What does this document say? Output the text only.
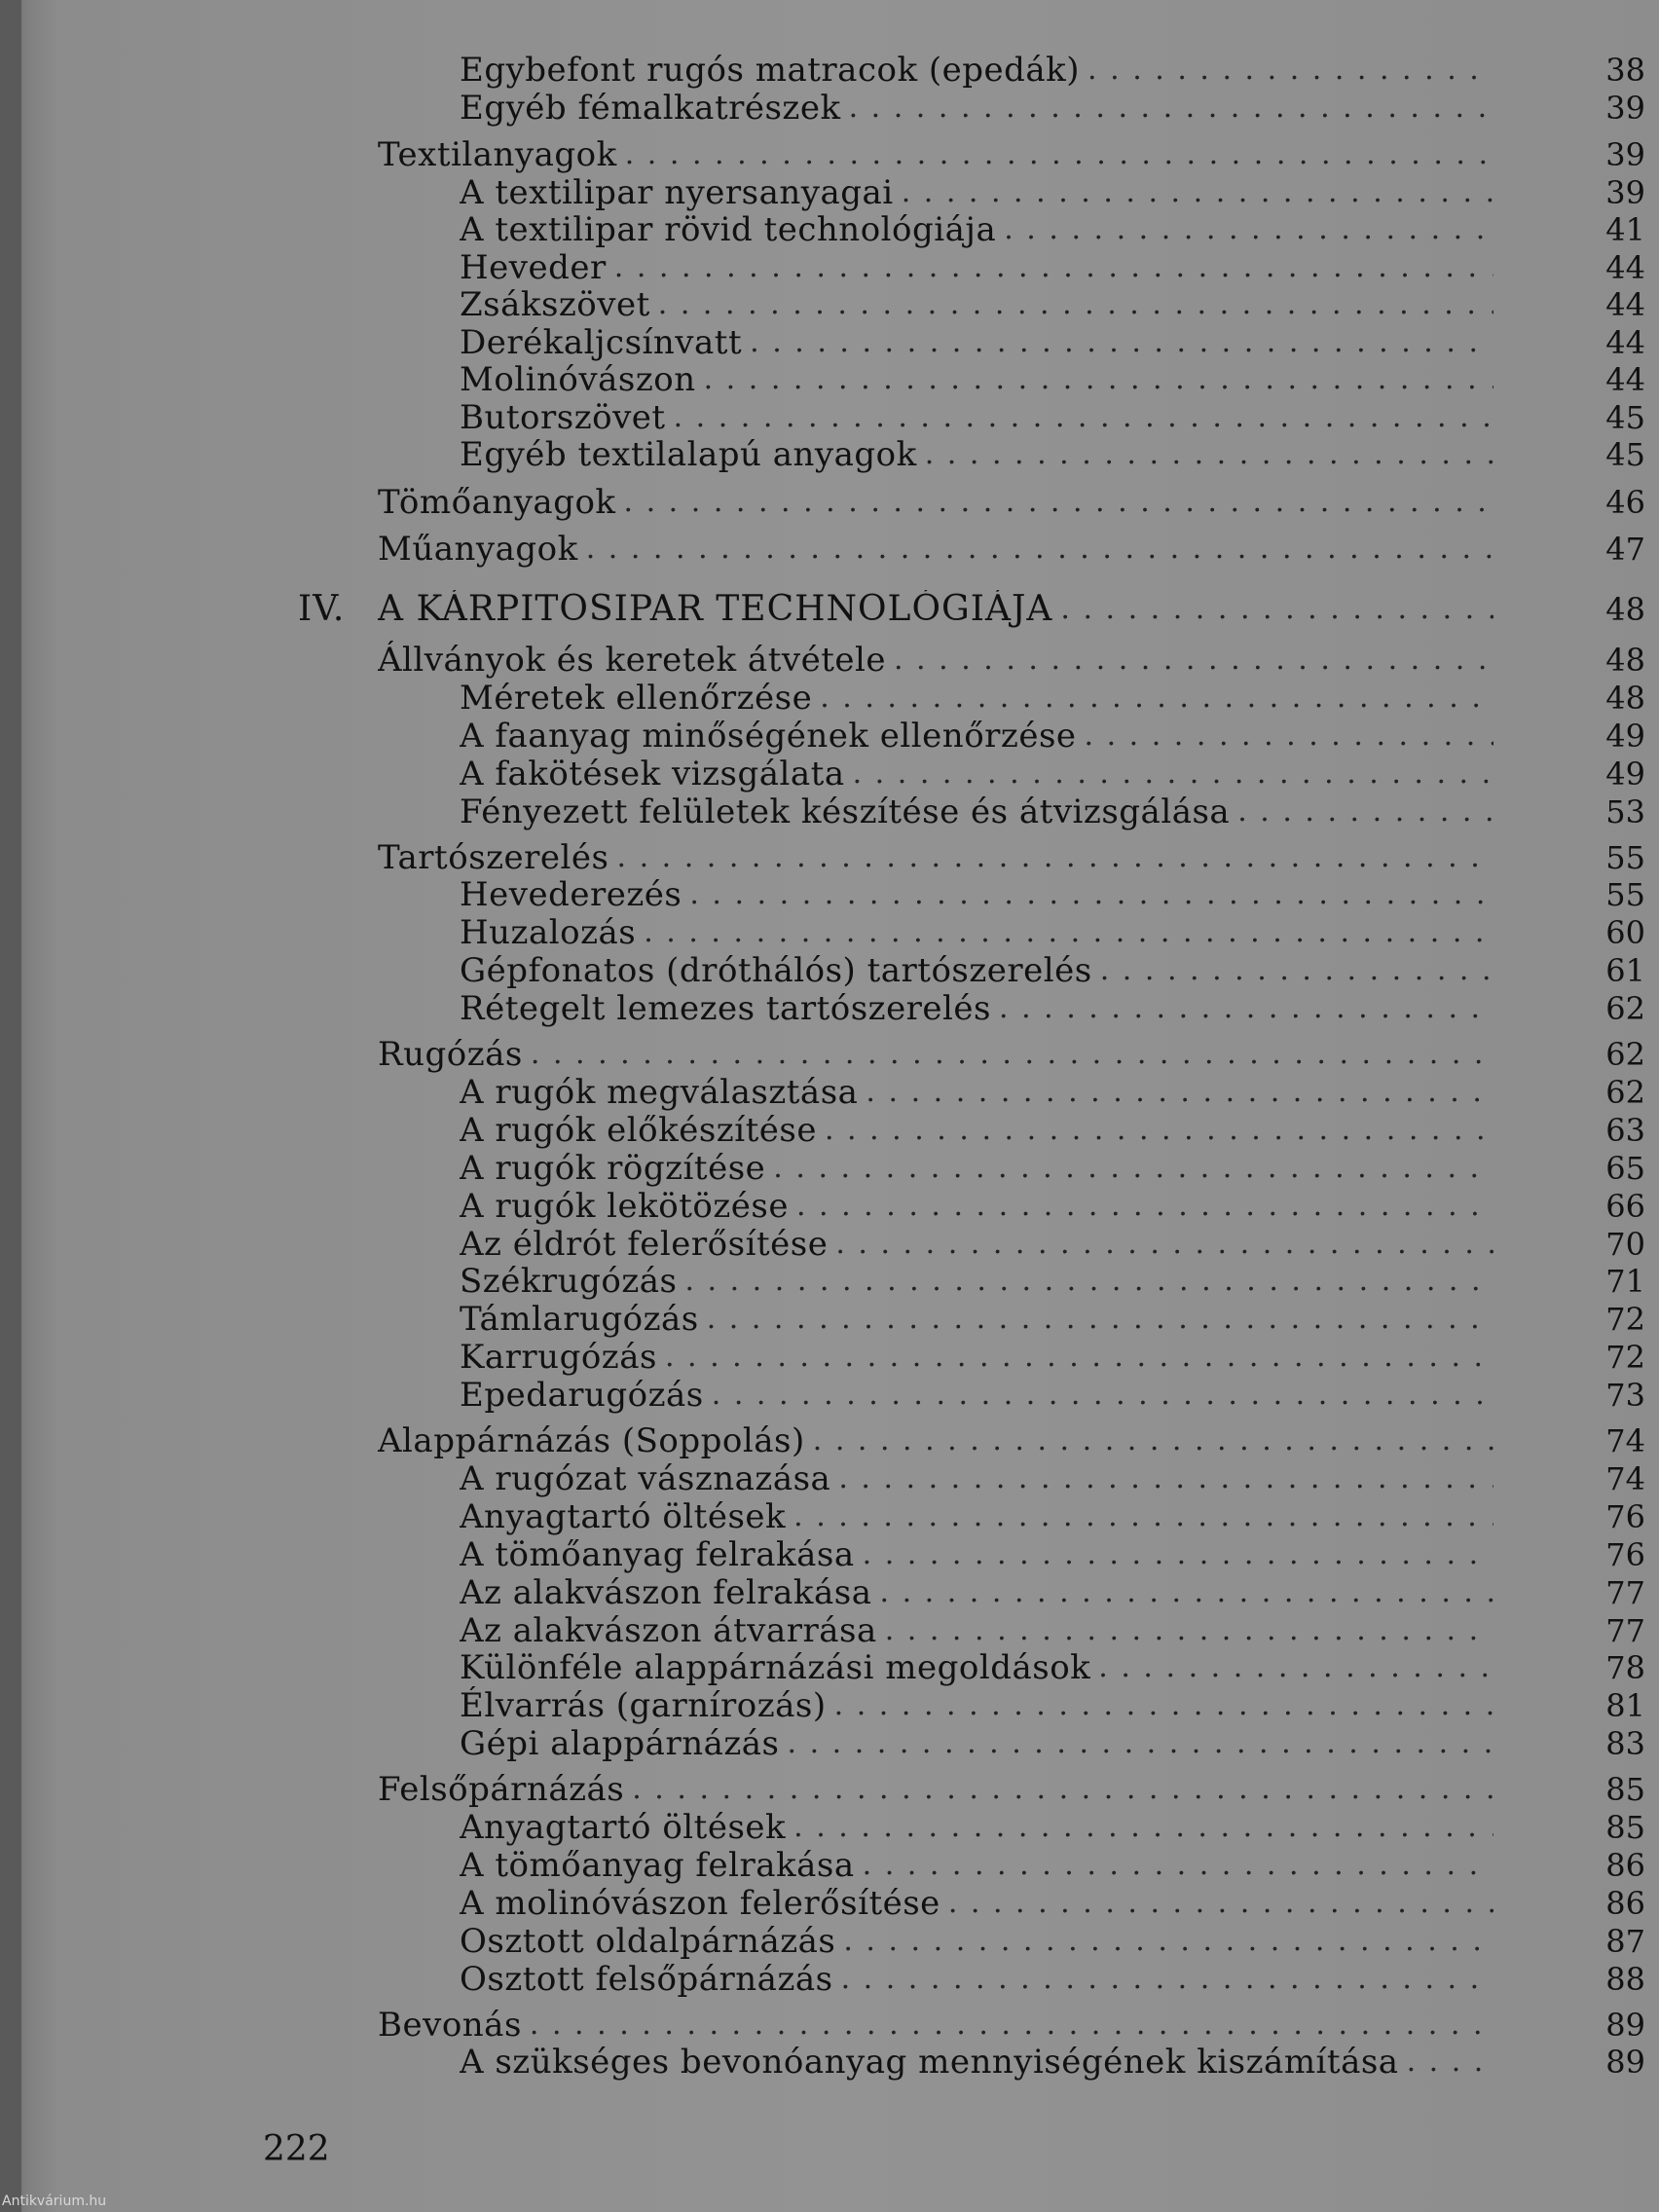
Egybefont rugós matracok (epedák) . . .	38
Egyéb fémalkatrészek . . .	39
Textilanyagok . . .	39
A textilipar nyersanyagai . . .	39
A textilipar rövid technológiája . . .	41
Heveder . . .	44
Zsákszövet . . .	44
Derékaljcsínvatt . . .	44
Molinóvászon . . .	44
Butorszövet . . .	45
Egyéb textilalapú anyagok . . .	45
Tömőanyagok . . .	46
Műanyagok . . .	47
IV. A KÁRPITOSIPAR TECHNOLÓGIÁJA . . .	48
Állványok és keretek átvétele . . .	48
Méretek ellenőrzése . . .	48
A faanyag minőségének ellenőrzése . . .	49
A fakötések vizsgálata . . .	49
Fényezett felületek készítése és átvizsgálása . . .	53
Tartószerelés . . .	55
Hevederezés . . .	55
Huzalozás . . .	60
Gépfonatos (dróthálós) tartószerelés . . .	61
Rétegelt lemezes tartószerelés . . .	62
Rugózás . . .	62
A rugók megválasztása . . .	62
A rugók előkészítése . . .	63
A rugók rögzítése . . .	65
A rugók lekötözése . . .	66
Az éldrót felerősítése . . .	70
Székrugózás . . .	71
Támlarugózás . . .	72
Karrugózás . . .	72
Epedarugózás . . .	73
Alappárnázás (Soppolás) . . .	74
A rugózat vásznazása . . .	74
Anyagtartó öltések . . .	76
A tömőanyag felrakása . . .	76
Az alakvászon felrakása . . .	77
Az alakvászon átvarrása . . .	77
Különféle alappárnázási megoldások . . .	78
Élvarrás (garnírozás) . . .	81
Gépi alappárnázás . . .	83
Felsőpárnázás . . .	85
Anyagtartó öltések . . .	85
A tömőanyag felrakása . . .	86
A molinóvászon felerősítése . . .	86
Osztott oldalpárnázás . . .	87
Osztott felsőpárnázás . . .	88
Bevonás . . .	89
A szükséges bevonóanyag mennyiségének kiszámítása . . .	89
222
Antikvárium.hu
